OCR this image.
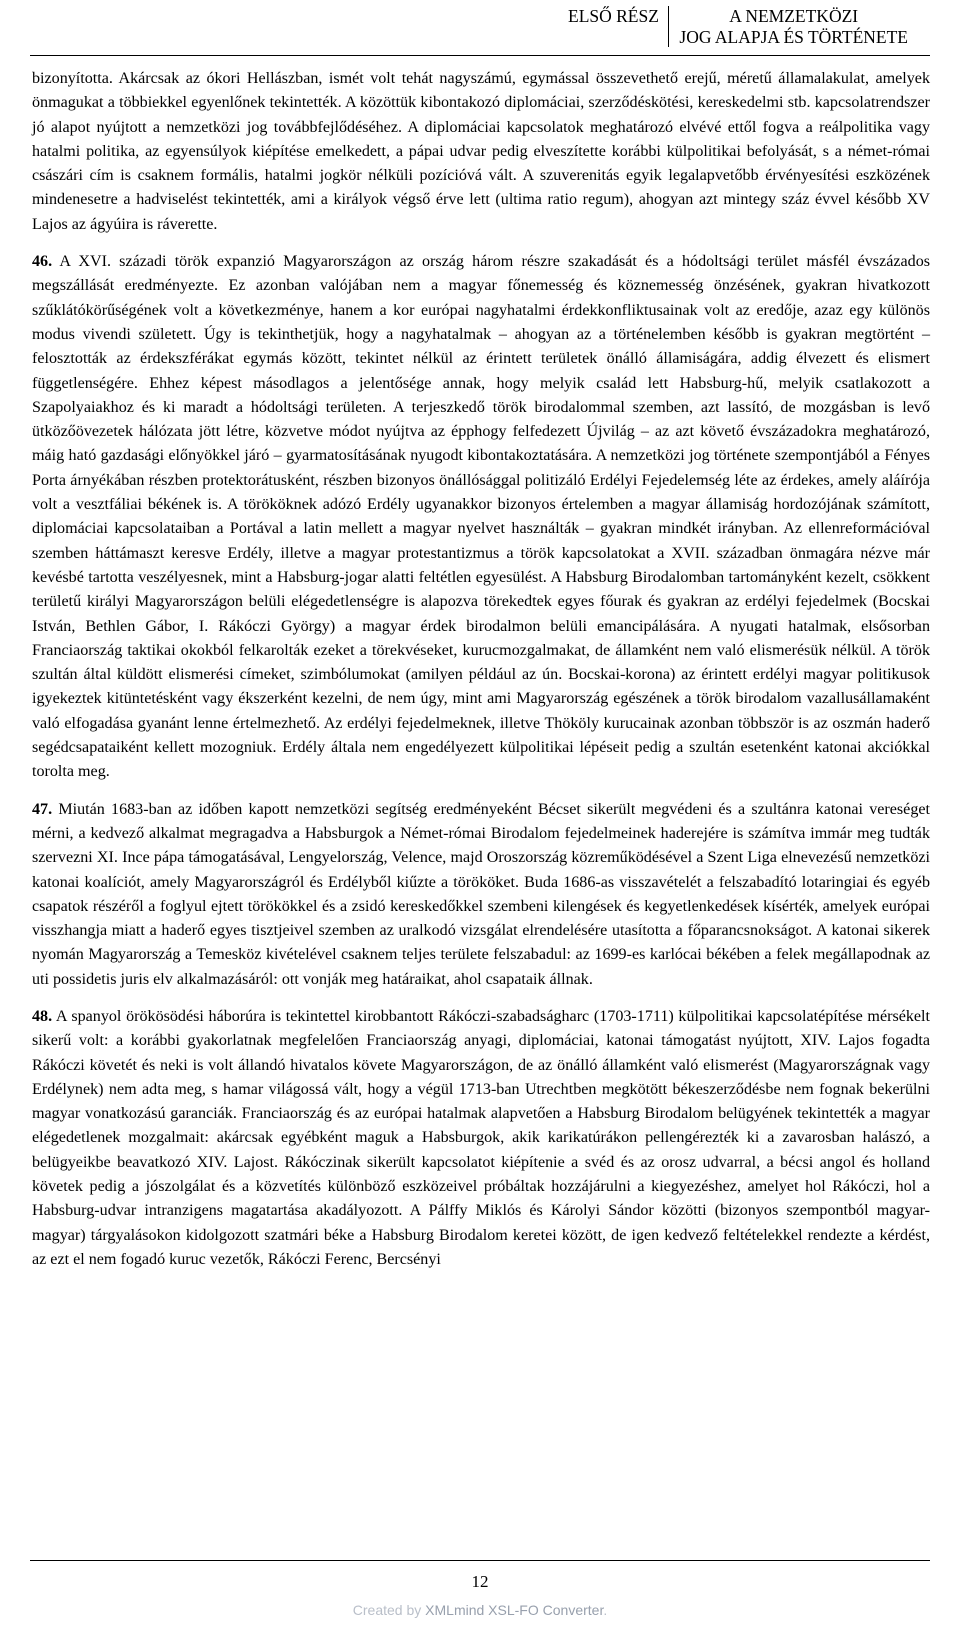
ELSŐ RÉSZ	A NEMZETKÖZI
JOG ALAPJA ÉS TÖRTÉNETE

bizonyította. Akárcsak az ókori Hellászban, ismét volt tehát nagyszámú, egymással összevethető erejű, méretű államalakulat, amelyek önmagukat a többiekkel egyenlőnek tekintették. A közöttük kibontakozó diplomáciai, szerződéskötési, kereskedelmi stb. kapcsolatrendszer jó alapot nyújtott a nemzetközi jog továbbfejlődéséhez. A diplomáciai kapcsolatok meghatározó elvévé ettől fogva a reálpolitika vagy hatalmi politika, az egyensúlyok kiépítése emelkedett, a pápai udvar pedig elveszítette korábbi külpolitikai befolyását, s a német-római császári cím is csaknem formális, hatalmi jogkör nélküli pozícióvá vált. A szuverenitás egyik legalapvetőbb érvényesítési eszközének mindenesetre a hadviselést tekintették, ami a királyok végső érve lett (ultima ratio regum), ahogyan azt mintegy száz évvel később XV Lajos az ágyúira is ráverette.

46. A XVI. századi török expanzió Magyarországon az ország három részre szakadását és a hódoltsági terület másfél évszázados megszállását eredményezte. Ez azonban valójában nem a magyar főnemesség és köznemesség önzésének, gyakran hivatkozott szűklátókörűségének volt a következménye, hanem a kor európai nagyhatalmi érdekkonfliktusainak volt az eredője, azaz egy különös modus vivendi született. Úgy is tekinthetjük, hogy a nagyhatalmak – ahogyan az a történelemben később is gyakran megtörtént – felosztották az érdekszférákat egymás között, tekintet nélkül az érintett területek önálló államiságára, addig élvezett és elismert függetlenségére. Ehhez képest másodlagos a jelentősége annak, hogy melyik család lett Habsburg-hű, melyik csatlakozott a Szapolyaiakhoz és ki maradt a hódoltsági területen. A terjeszkedő török birodalommal szemben, azt lassító, de mozgásban is levő ütközőövezetek hálózata jött létre, közvetve módot nyújtva az épphogy felfedezett Újvilág – az azt követő évszázadokra meghatározó, máig ható gazdasági előnyökkel járó – gyarmatosításának nyugodt kibontakoztatására. A nemzetközi jog története szempontjából a Fényes Porta árnyékában részben protektorátusként, részben bizonyos önállósággal politizáló Erdélyi Fejedelemség léte az érdekes, amely aláírója volt a vesztfáliai békének is. A törököknek adózó Erdély ugyanakkor bizonyos értelemben a magyar államiság hordozójának számított, diplomáciai kapcsolataiban a Portával a latin mellett a magyar nyelvet használták – gyakran mindkét irányban. Az ellenreformációval szemben háttámaszt keresve Erdély, illetve a magyar protestantizmus a török kapcsolatokat a XVII. században önmagára nézve már kevésbé tartotta veszélyesnek, mint a Habsburg-jogar alatti feltétlen egyesülést. A Habsburg Birodalomban tartományként kezelt, csökkent területű királyi Magyarországon belüli elégedetlenségre is alapozva törekedtek egyes főurak és gyakran az erdélyi fejedelmek (Bocskai István, Bethlen Gábor, I. Rákóczi György) a magyar érdek birodalmon belüli emancipálására. A nyugati hatalmak, elsősorban Franciaország taktikai okokból felkarolták ezeket a törekvéseket, kurucmozgalmakat, de államként nem való elismerésük nélkül. A török szultán által küldött elismerési címeket, szimbólumokat (amilyen például az ún. Bocskai-korona) az érintett erdélyi magyar politikusok igyekeztek kitüntetésként vagy ékszerként kezelni, de nem úgy, mint ami Magyarország egészének a török birodalom vazallusállamaként való elfogadása gyanánt lenne értelmezhető. Az erdélyi fejedelmeknek, illetve Thököly kurucainak azonban többször is az oszmán haderő segédcsapataiként kellett mozogniuk. Erdély általa nem engedélyezett külpolitikai lépéseit pedig a szultán esetenként katonai akciókkal torolta meg.

47. Miután 1683-ban az időben kapott nemzetközi segítség eredményeként Bécset sikerült megvédeni és a szultánra katonai vereséget mérni, a kedvező alkalmat megragadva a Habsburgok a Német-római Birodalom fejedelmeinek haderejére is számítva immár meg tudták szervezni XI. Ince pápa támogatásával, Lengyelország, Velence, majd Oroszország közreműködésével a Szent Liga elnevezésű nemzetközi katonai koalíciót, amely Magyarországról és Erdélyből kiűzte a törököket. Buda 1686-as visszavételét a felszabadító lotaringiai és egyéb csapatok részéről a foglyul ejtett törökökkel és a zsidó kereskedőkkel szembeni kilengések és kegyetlenkedések kísérték, amelyek európai visszhangja miatt a haderő egyes tisztjeivel szemben az uralkodó vizsgálat elrendelésére utasította a főparancsnokságot. A katonai sikerek nyomán Magyarország a Temesköz kivételével csaknem teljes területe felszabadul: az 1699-es karlócai békében a felek megállapodnak az uti possidetis juris elv alkalmazásáról: ott vonják meg határaikat, ahol csapataik állnak.

48. A spanyol örökösödési háborúra is tekintettel kirobbantott Rákóczi-szabadságharc (1703-1711) külpolitikai kapcsolatépítése mérsékelt sikerű volt: a korábbi gyakorlatnak megfelelően Franciaország anyagi, diplomáciai, katonai támogatást nyújtott, XIV. Lajos fogadta Rákóczi követét és neki is volt állandó hivatalos követe Magyarországon, de az önálló államként való elismerést (Magyarországnak vagy Erdélynek) nem adta meg, s hamar világossá vált, hogy a végül 1713-ban Utrechtben megkötött békeszerződésbe nem fognak bekerülni magyar vonatkozású garanciák. Franciaország és az európai hatalmak alapvetően a Habsburg Birodalom belügyének tekintették a magyar elégedetlenek mozgalmait: akárcsak egyébként maguk a Habsburgok, akik karikatúrákon pellengérezték ki a zavarosban halászó, a belügyeikbe beavatkozó XIV. Lajost. Rákóczinak sikerült kapcsolatot kiépítenie a svéd és az orosz udvarral, a bécsi angol és holland követek pedig a jószolgálat és a közvetítés különböző eszközeivel próbáltak hozzájárulni a kiegyezéshez, amelyet hol Rákóczi, hol a Habsburg-udvar intranzigens magatartása akadályozott. A Pálffy Miklós és Károlyi Sándor közötti (bizonyos szempontból magyar-magyar) tárgyalásokon kidolgozott szatmári béke a Habsburg Birodalom keretei között, de igen kedvező feltételekkel rendezte a kérdést, az ezt el nem fogadó kuruc vezetők, Rákóczi Ferenc, Bercsényi

12
Created by XMLmind XSL-FO Converter.
